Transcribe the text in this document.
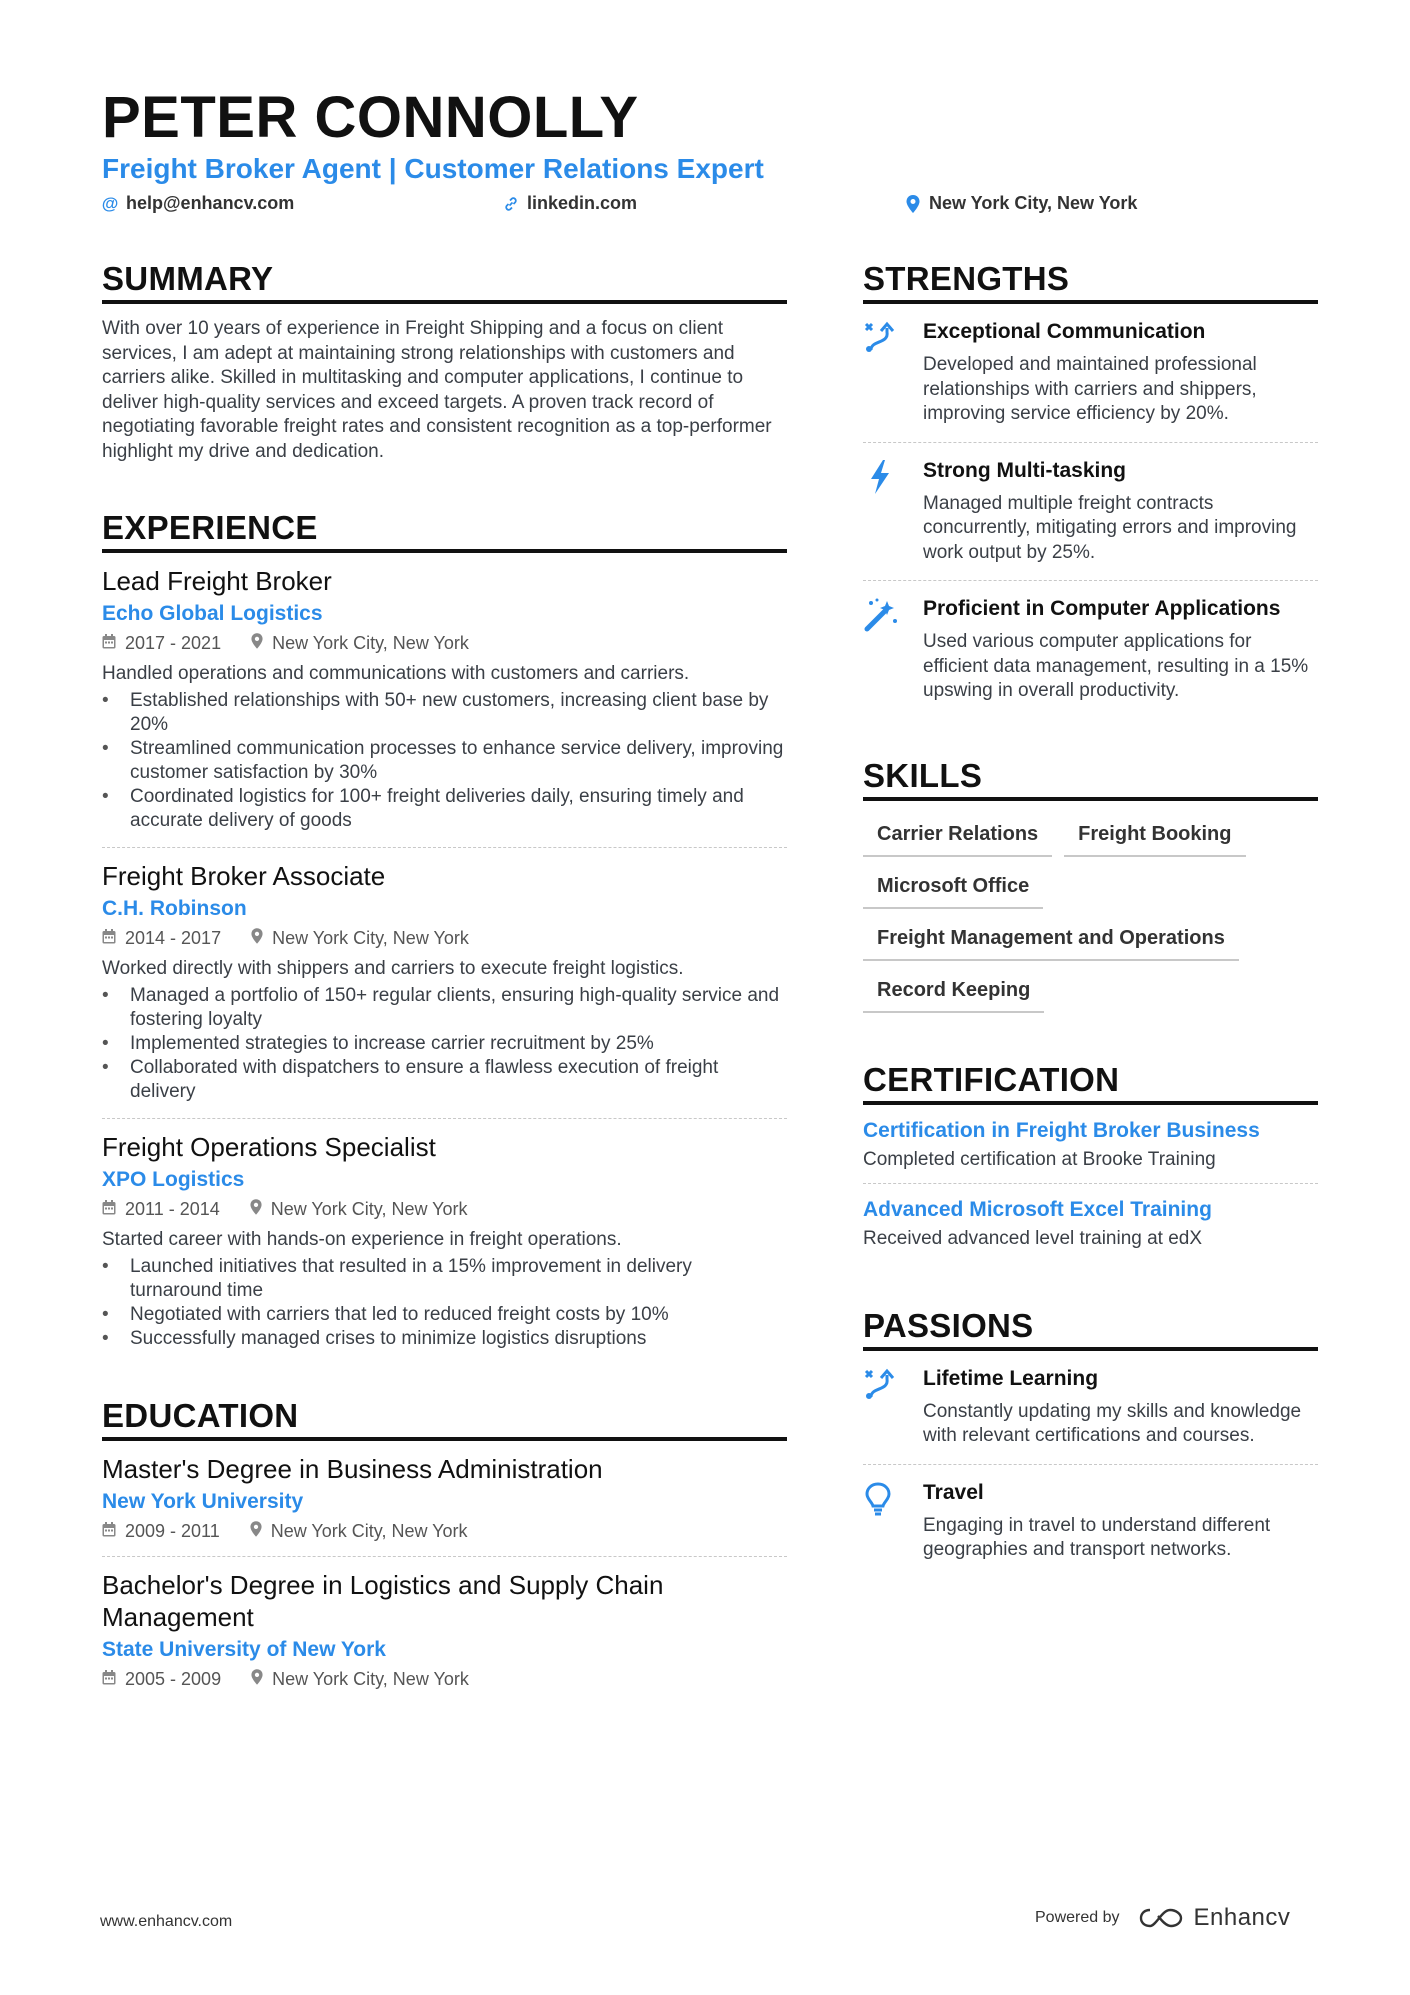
PETER CONNOLLY
Freight Broker Agent | Customer Relations Expert
@ help@enhancv.com	linkedin.com	New York City, New York
SUMMARY
With over 10 years of experience in Freight Shipping and a focus on client services, I am adept at maintaining strong relationships with customers and carriers alike. Skilled in multitasking and computer applications, I continue to deliver high-quality services and exceed targets. A proven track record of negotiating favorable freight rates and consistent recognition as a top-performer highlight my drive and dedication.
EXPERIENCE
Lead Freight Broker
Echo Global Logistics
2017 - 2021	New York City, New York
Handled operations and communications with customers and carriers.
• Established relationships with 50+ new customers, increasing client base by 20%
• Streamlined communication processes to enhance service delivery, improving customer satisfaction by 30%
• Coordinated logistics for 100+ freight deliveries daily, ensuring timely and accurate delivery of goods
Freight Broker Associate
C.H. Robinson
2014 - 2017	New York City, New York
Worked directly with shippers and carriers to execute freight logistics.
• Managed a portfolio of 150+ regular clients, ensuring high-quality service and fostering loyalty
• Implemented strategies to increase carrier recruitment by 25%
• Collaborated with dispatchers to ensure a flawless execution of freight delivery
Freight Operations Specialist
XPO Logistics
2011 - 2014	New York City, New York
Started career with hands-on experience in freight operations.
• Launched initiatives that resulted in a 15% improvement in delivery turnaround time
• Negotiated with carriers that led to reduced freight costs by 10%
• Successfully managed crises to minimize logistics disruptions
EDUCATION
Master's Degree in Business Administration
New York University
2009 - 2011	New York City, New York
Bachelor's Degree in Logistics and Supply Chain Management
State University of New York
2005 - 2009	New York City, New York
STRENGTHS
Exceptional Communication
Developed and maintained professional relationships with carriers and shippers, improving service efficiency by 20%.
Strong Multi-tasking
Managed multiple freight contracts concurrently, mitigating errors and improving work output by 25%.
Proficient in Computer Applications
Used various computer applications for efficient data management, resulting in a 15% upswing in overall productivity.
SKILLS
Carrier Relations	Freight Booking
Microsoft Office
Freight Management and Operations
Record Keeping
CERTIFICATION
Certification in Freight Broker Business
Completed certification at Brooke Training
Advanced Microsoft Excel Training
Received advanced level training at edX
PASSIONS
Lifetime Learning
Constantly updating my skills and knowledge with relevant certifications and courses.
Travel
Engaging in travel to understand different geographies and transport networks.
www.enhancv.com	Powered by	Enhancv
